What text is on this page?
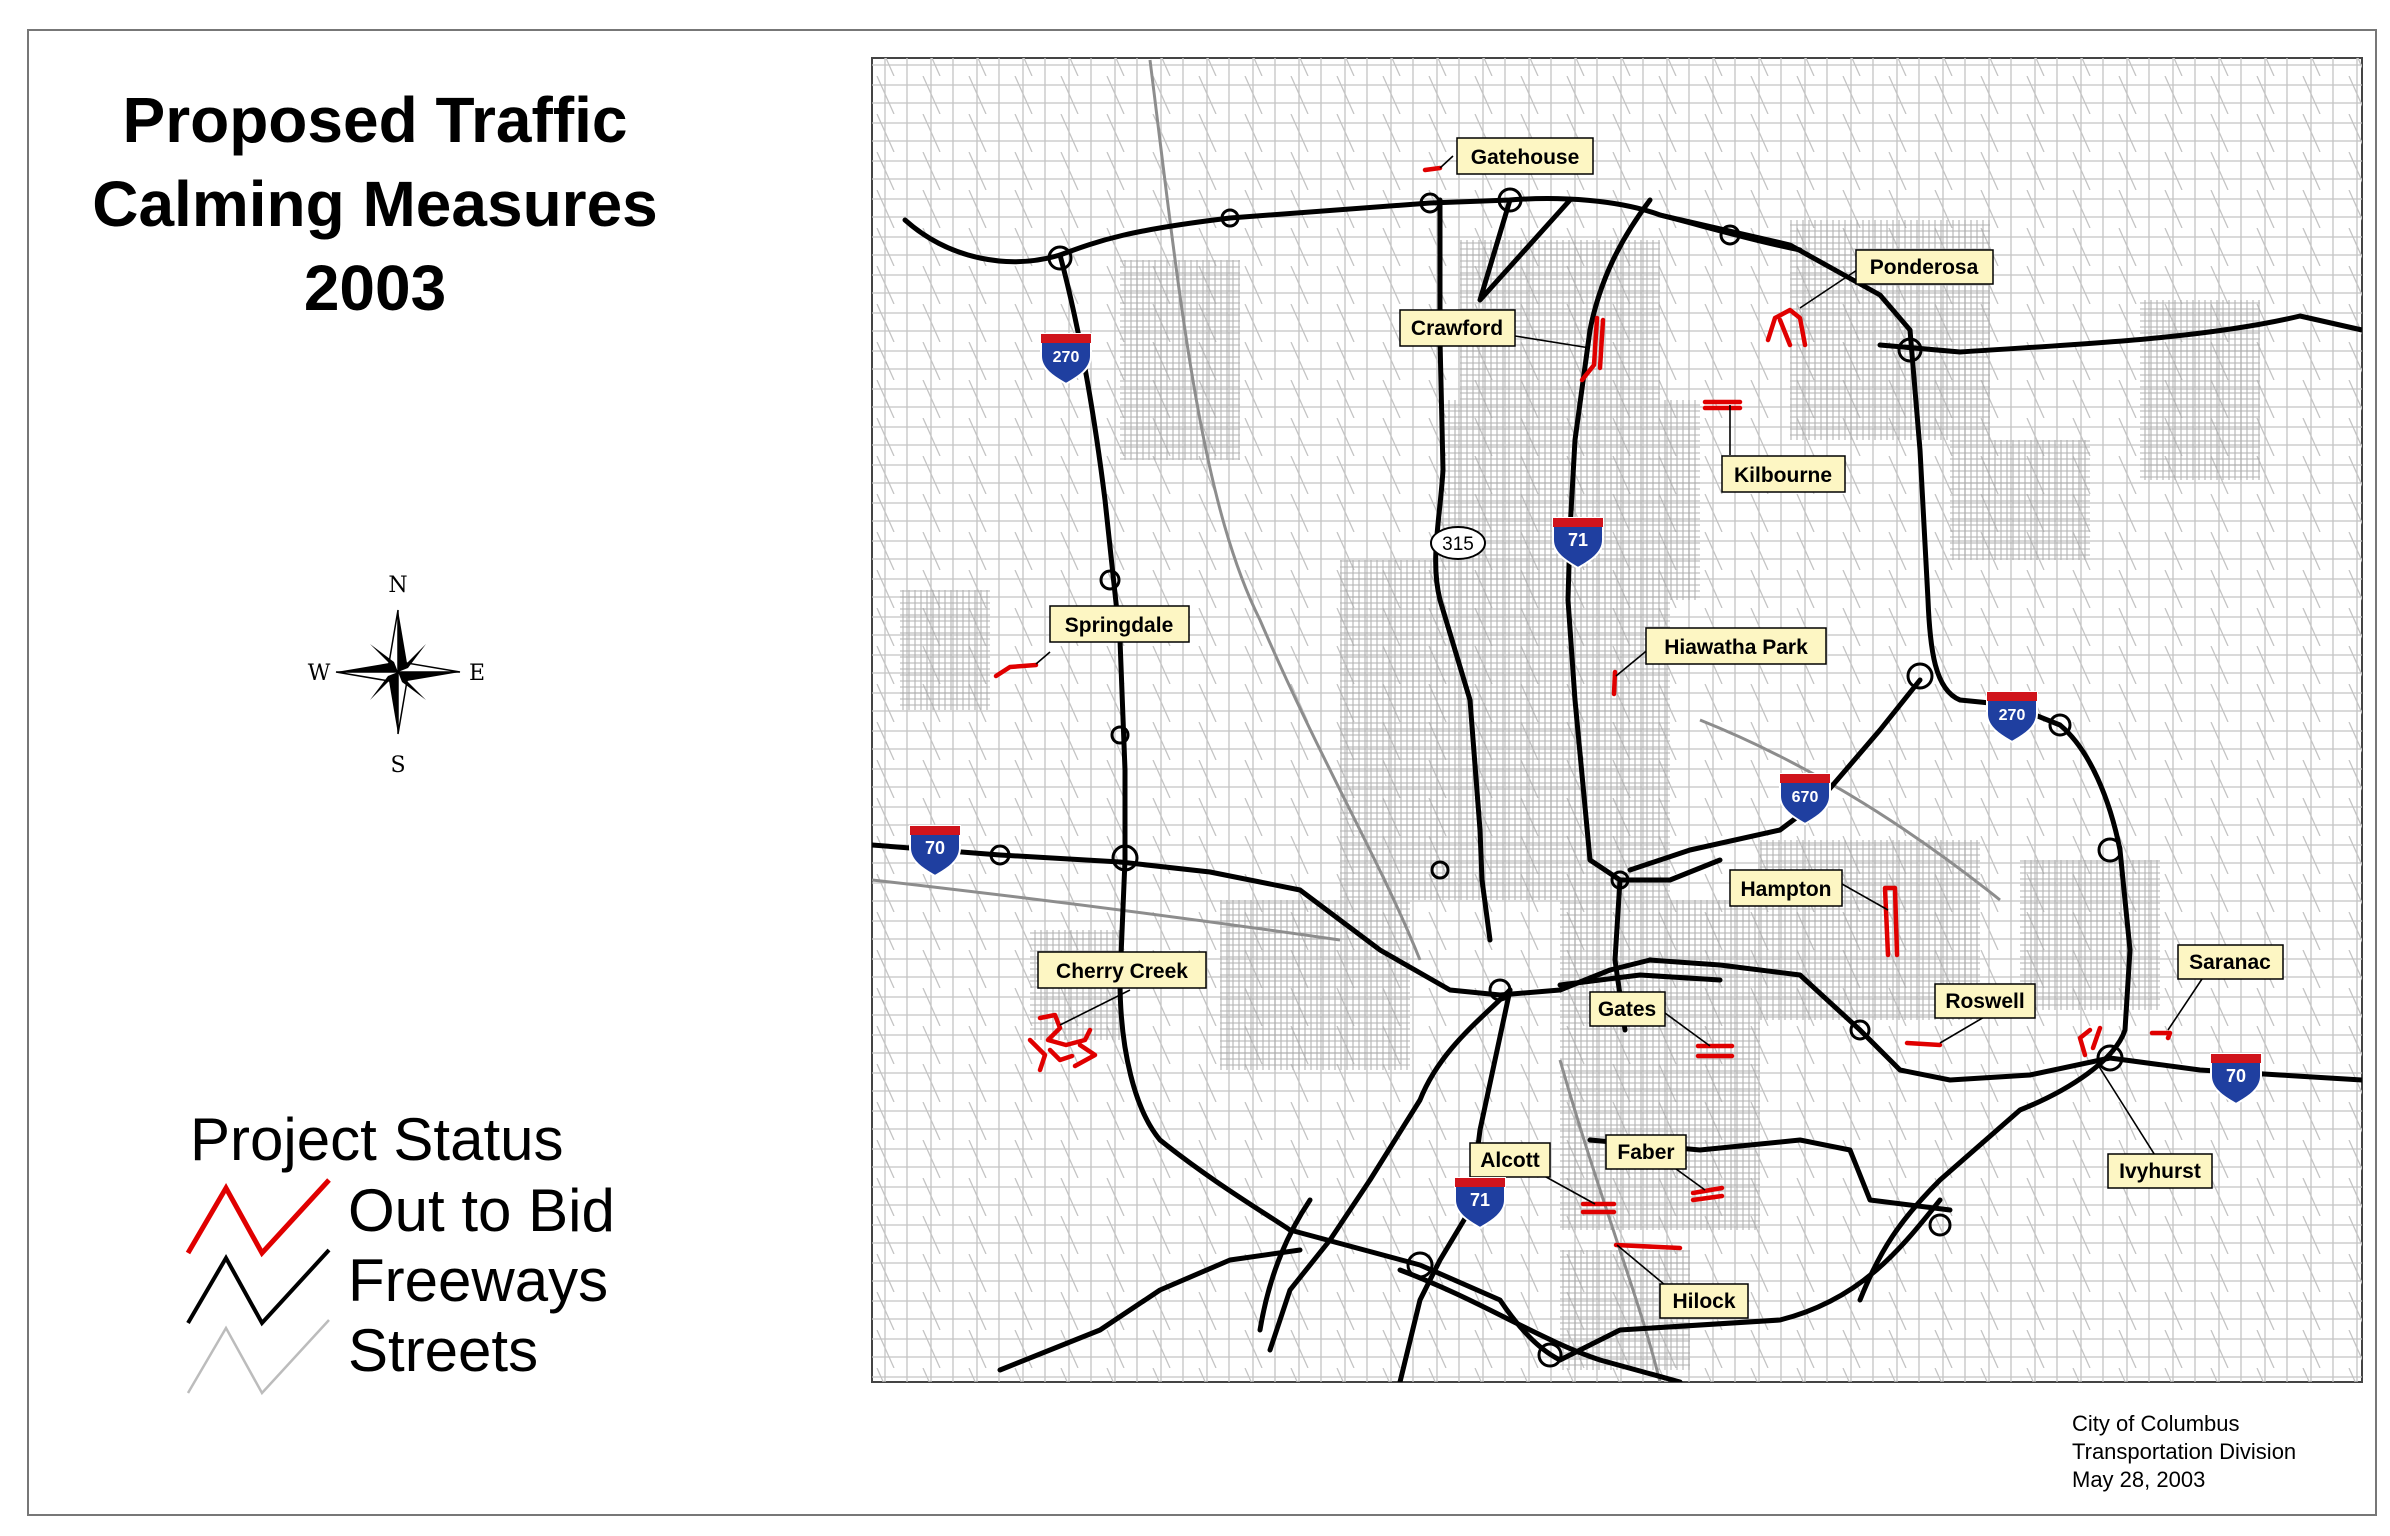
Proposed Traffic
Calming Measures
2003
Gatehouse
Ponderosa
Crawford
Kilbourne
Springdale
Hiawatha Park
Hampton
Cherry Creek	Saranac
Roswell
Gates
Alcott	Faber
Ivyhurst
Hilock
270
71
270
670
70
70
71
315
N
S
E
W
Project Status
Out to Bid
Freeways
Streets
City of Columbus
Transportation Division
May 28, 2003
